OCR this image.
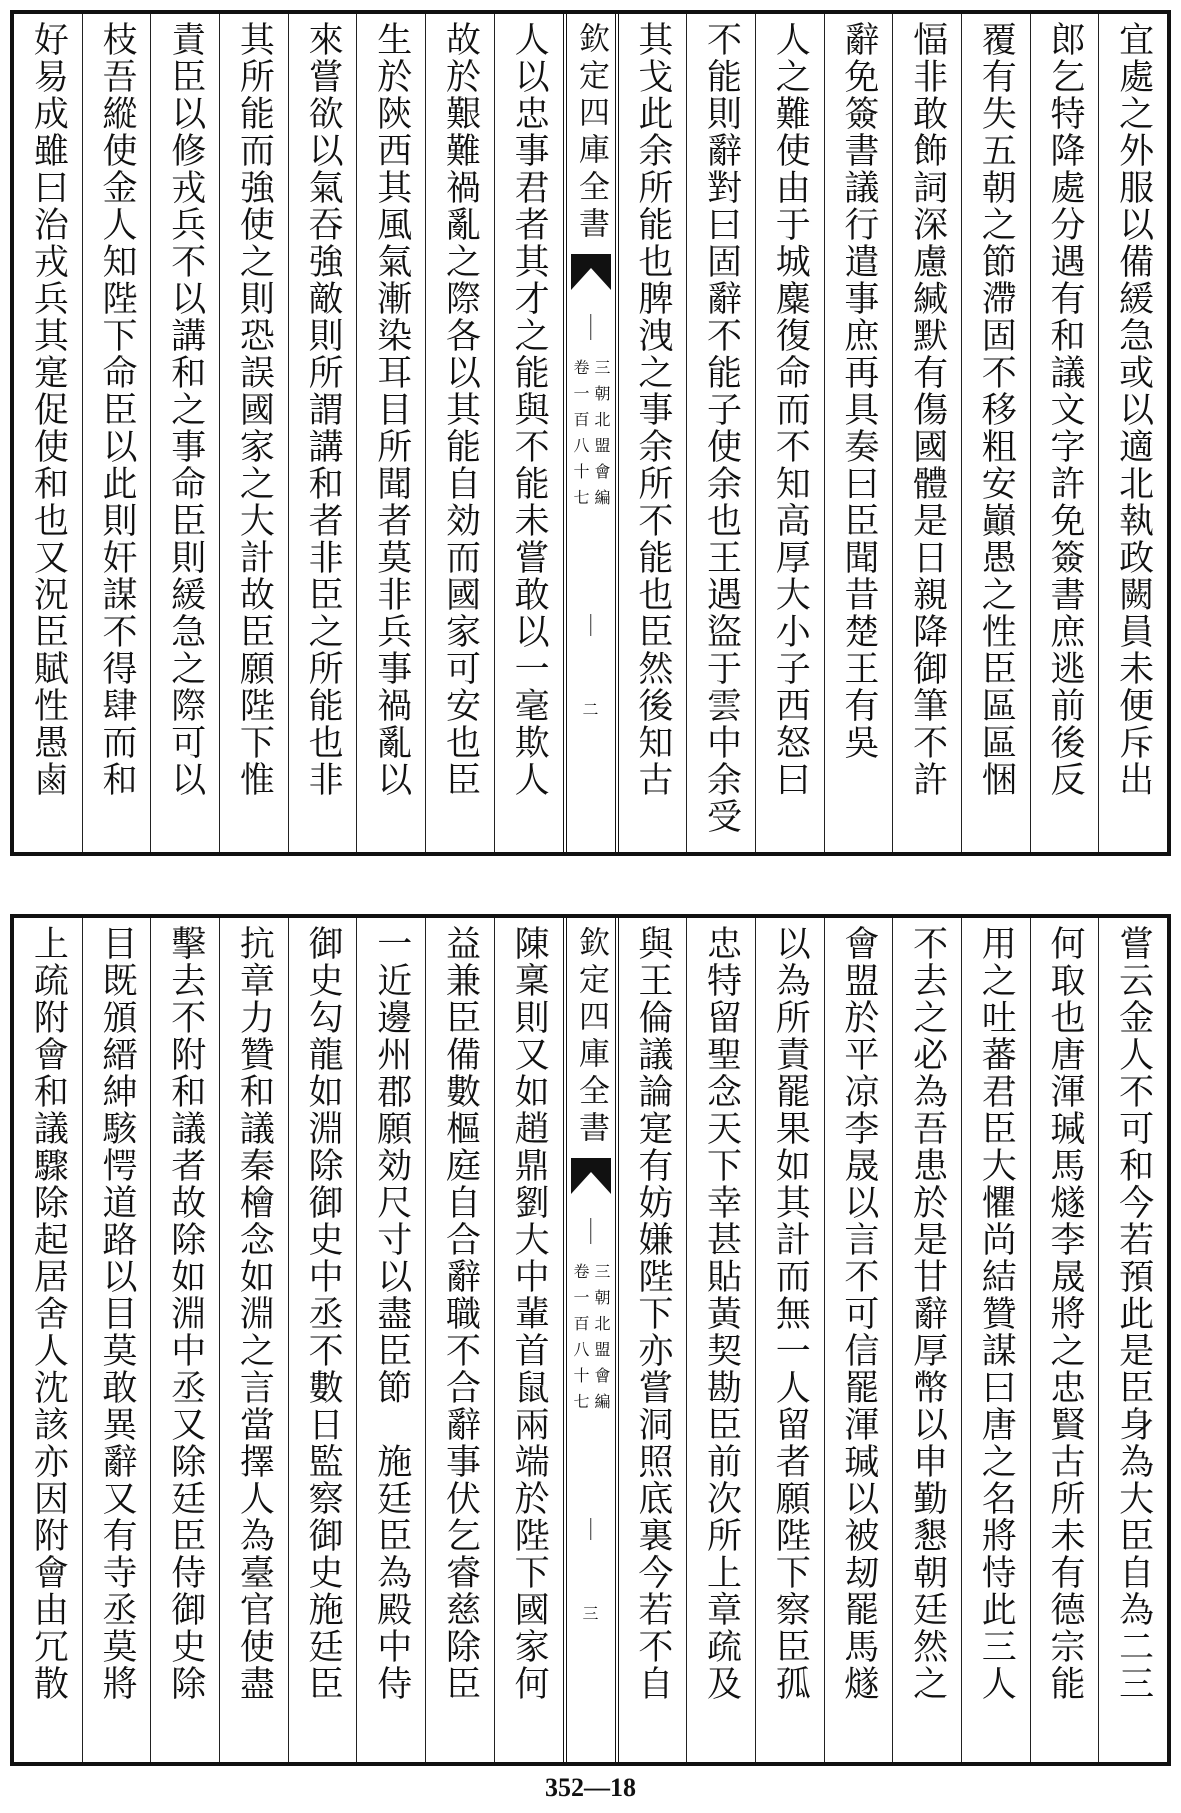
宜處之外服以備緩急或以適北執政闕員未便斥出
郎乞特降處分遇有和議文字許免簽書庶逃前後反
覆有失五朝之節滯固不移粗安巓愚之性臣區區悃
愊非敢飾詞深慮緘默有傷國體是日親降御筆不許
辭免簽書議行遣事庶再具奏曰臣聞昔楚王有吳
人之難使由于城麋復命而不知高厚大小子西怒曰
不能則辭對曰固辭不能子使余也王遇盜于雲中余受
其戈此余所能也脾洩之事余所不能也臣然後知古
欽定四庫全書
三朝北盟會編
卷一百八十七
二
人以忠事君者其才之能與不能未嘗敢以一毫欺人
故於艱難禍亂之際各以其能自効而國家可安也臣
生於陝西其風氣漸染耳目所聞者莫非兵事禍亂以
來嘗欲以氣吞強敵則所謂講和者非臣之所能也非
其所能而強使之則恐誤國家之大計故臣願陛下惟
責臣以修戎兵不以講和之事命臣則緩急之際可以
枝吾縱使金人知陛下命臣以此則奸謀不得肆而和
好易成雖曰治戎兵其寔促使和也又況臣賦性愚鹵
嘗云金人不可和今若預此是臣身為大臣自為二三
何取也唐渾瑊馬燧李晟將之忠賢古所未有德宗能
用之吐蕃君臣大懼尚結贊謀曰唐之名將恃此三人
不去之必為吾患於是甘辭厚幣以申勤懇朝廷然之
會盟於平凉李晟以言不可信罷渾瑊以被刼罷馬燧
以為所責罷果如其計而無一人留者願陛下察臣孤
忠特留聖念天下幸甚貼黃契勘臣前次所上章疏及
與王倫議論寔有妨嫌陛下亦嘗洞照底裏今若不自
欽定四庫全書
三朝北盟會編
卷一百八十七
三
陳稟則又如趙鼎劉大中輩首鼠兩端於陛下國家何
益兼臣備數樞庭自合辭職不合辭事伏乞睿慈除臣
一近邊州郡願効尺寸以盡臣節　施廷臣為殿中侍
御史勾龍如淵除御史中丞不數日監察御史施廷臣
抗章力贊和議秦檜念如淵之言當擇人為臺官使盡
擊去不附和議者故除如淵中丞又除廷臣侍御史除
目既頒縉紳駭愕道路以目莫敢異辭又有寺丞莫將
上疏附會和議驟除起居舍人沈該亦因附會由冗散
352—18
